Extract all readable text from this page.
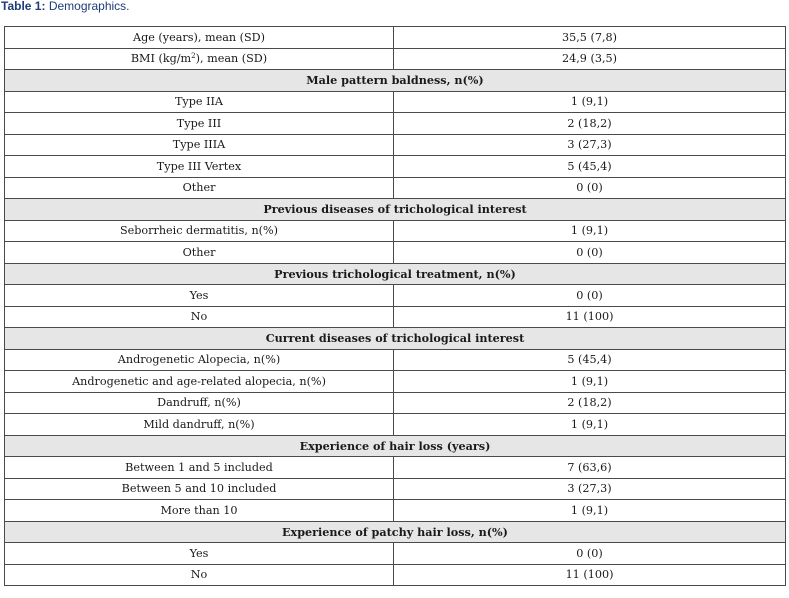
Table 1: Demographics.
Age (years), mean (SD)	35,5 (7,8)
BMI $(kg/m^2)$, mean (SD)	24,9 (3,5)
Male pattern baldness, n(%)	
Type IIA	1 (9,1)
Type III	2 (18,2)
Type IIIA	3 (27,3)
Type III Vertex	5 (45,4)
Other	0 (0)
Previous diseases of trichological interest	
Seborrheic dermatitis, n(%)	1 (9,1)
Other	0 (0)
Previous trichological treatment, n(%)	
Yes	0 (0)
No	11 (100)
Current diseases of trichological interest	
Androgenetic Alopecia, n(%)	5 (45,4)
Androgenetic and age-related alopecia, n(%)	1 (9,1)
Dandruff, n(%)	2 (18,2)
Mild dandruff, n(%)	1 (9,1)
Experience of hair loss (years)	
Between 1 and 5 included	7 (63,6)
Between 5 and 10 included	3 (27,3)
More than 10	1 (9,1)
Experience of patchy hair loss, n(%)	
Yes	0 (0)
No	11 (100)
